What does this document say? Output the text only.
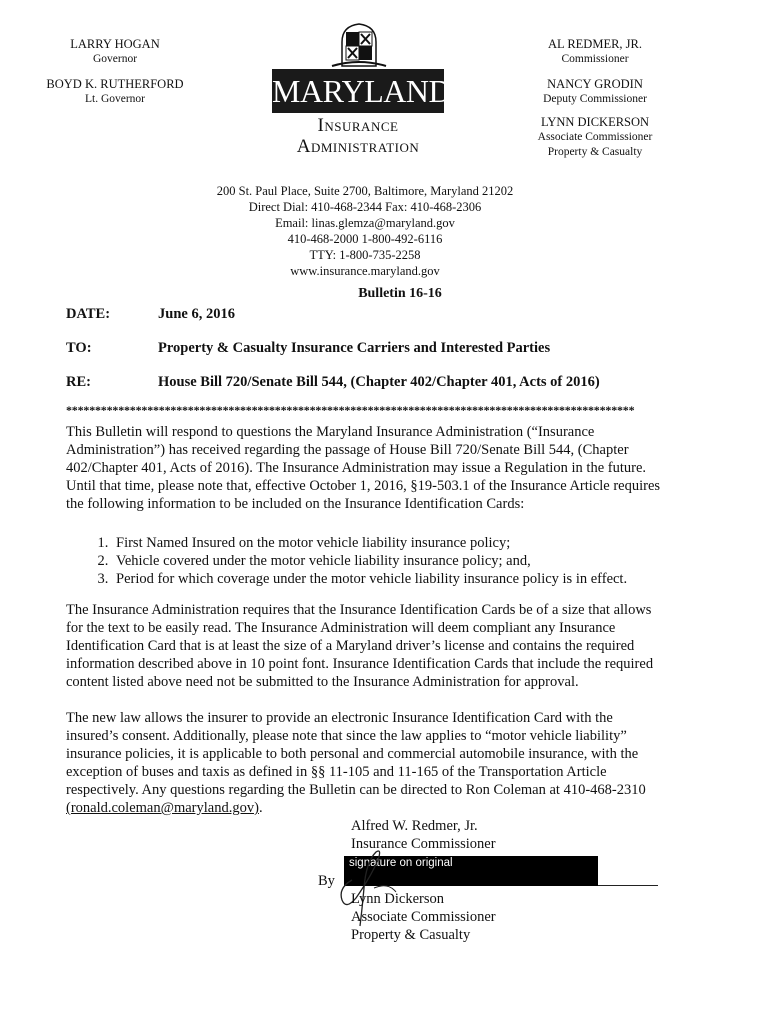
LARRY HOGAN
Governor
BOYD K. RUTHERFORD
Lt. Governor	MARYLAND
Insurance
Administration
AL REDMER, JR.
Commissioner
NANCY GRODIN
Deputy Commissioner
LYNN DICKERSON
Associate Commissioner
Property & Casualty
200 St. Paul Place, Suite 2700, Baltimore, Maryland 21202
Direct Dial: 410-468-2344 Fax: 410-468-2306
Email: linas.glemza@maryland.gov
410-468-2000 1-800-492-6116
TTY: 1-800-735-2258
www.insurance.maryland.gov
Bulletin 16-16
DATE:	June 6, 2016
TO:	Property & Casualty Insurance Carriers and Interested Parties
RE:	House Bill 720/Senate Bill 544, (Chapter 402/Chapter 401, Acts of 2016)
**************************************************************************************************

This Bulletin will respond to questions the Maryland Insurance Administration (“Insurance

Administration”) has received regarding the passage of House Bill 720/Senate Bill 544, (Chapter

402/Chapter 401, Acts of 2016). The Insurance Administration may issue a Regulation in the future.

Until that time, please note that, effective October 1, 2016, §19-503.1 of the Insurance Article requires

the following information to be included on the Insurance Identification Cards:

1. First Named Insured on the motor vehicle liability insurance policy;
2. Vehicle covered under the motor vehicle liability insurance policy; and,
3. Period for which coverage under the motor vehicle liability insurance policy is in effect.

The Insurance Administration requires that the Insurance Identification Cards be of a size that allows

for the text to be easily read. The Insurance Administration will deem compliant any Insurance

Identification Card that is at least the size of a Maryland driver’s license and contains the required

information described above in 10 point font. Insurance Identification Cards that include the required

content listed above need not be submitted to the Insurance Administration for approval.

The new law allows the insurer to provide an electronic Insurance Identification Card with the

insured’s consent. Additionally, please note that since the law applies to “motor vehicle liability”

insurance policies, it is applicable to both personal and commercial automobile insurance, with the

exception of buses and taxis as defined in §§ 11-105 and 11-165 of the Transportation Article

respectively. Any questions regarding the Bulletin can be directed to Ron Coleman at 410-468-2310

(ronald.coleman@maryland.gov).

Alfred W. Redmer, Jr.
Insurance Commissioner
signature on original
By
Lynn Dickerson
Associate Commissioner
Property & Casualty
